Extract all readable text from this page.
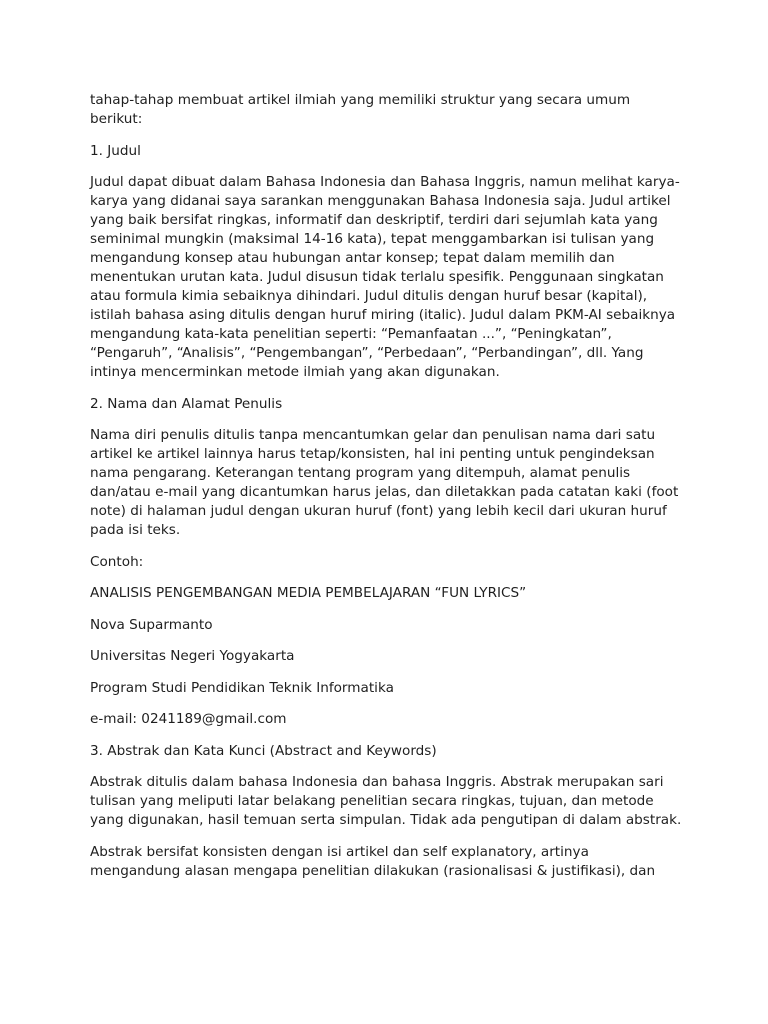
tahap-tahap membuat artikel ilmiah yang memiliki struktur yang secara umum berikut:

1. Judul

Judul dapat dibuat dalam Bahasa Indonesia dan Bahasa Inggris, namun melihat karya-karya yang didanai saya sarankan menggunakan Bahasa Indonesia saja. Judul artikel yang baik bersifat ringkas, informatif dan deskriptif, terdiri dari sejumlah kata yang seminimal mungkin (maksimal 14-16 kata), tepat menggambarkan isi tulisan yang mengandung konsep atau hubungan antar konsep; tepat dalam memilih dan menentukan urutan kata. Judul disusun tidak terlalu spesifik. Penggunaan singkatan atau formula kimia sebaiknya dihindari. Judul ditulis dengan huruf besar (kapital), istilah bahasa asing ditulis dengan huruf miring (italic). Judul dalam PKM-AI sebaiknya mengandung kata-kata penelitian seperti: “Pemanfaatan ...”, “Peningkatan”, “Pengaruh”, “Analisis”, “Pengembangan”, “Perbedaan”, “Perbandingan”, dll. Yang intinya mencerminkan metode ilmiah yang akan digunakan.

2. Nama dan Alamat Penulis

Nama diri penulis ditulis tanpa mencantumkan gelar dan penulisan nama dari satu artikel ke artikel lainnya harus tetap/konsisten, hal ini penting untuk pengindeksan nama pengarang. Keterangan tentang program yang ditempuh, alamat penulis dan/atau e-mail yang dicantumkan harus jelas, dan diletakkan pada catatan kaki (foot note) di halaman judul dengan ukuran huruf (font) yang lebih kecil dari ukuran huruf pada isi teks.

Contoh:

ANALISIS PENGEMBANGAN MEDIA PEMBELAJARAN “FUN LYRICS”

Nova Suparmanto

Universitas Negeri Yogyakarta

Program Studi Pendidikan Teknik Informatika

e-mail: 0241189@gmail.com

3. Abstrak dan Kata Kunci (Abstract and Keywords)

Abstrak ditulis dalam bahasa Indonesia dan bahasa Inggris. Abstrak merupakan sari tulisan yang meliputi latar belakang penelitian secara ringkas, tujuan, dan metode yang digunakan, hasil temuan serta simpulan. Tidak ada pengutipan di dalam abstrak.

Abstrak bersifat konsisten dengan isi artikel dan self explanatory, artinya mengandung alasan mengapa penelitian dilakukan (rasionalisasi & justifikasi), dan
